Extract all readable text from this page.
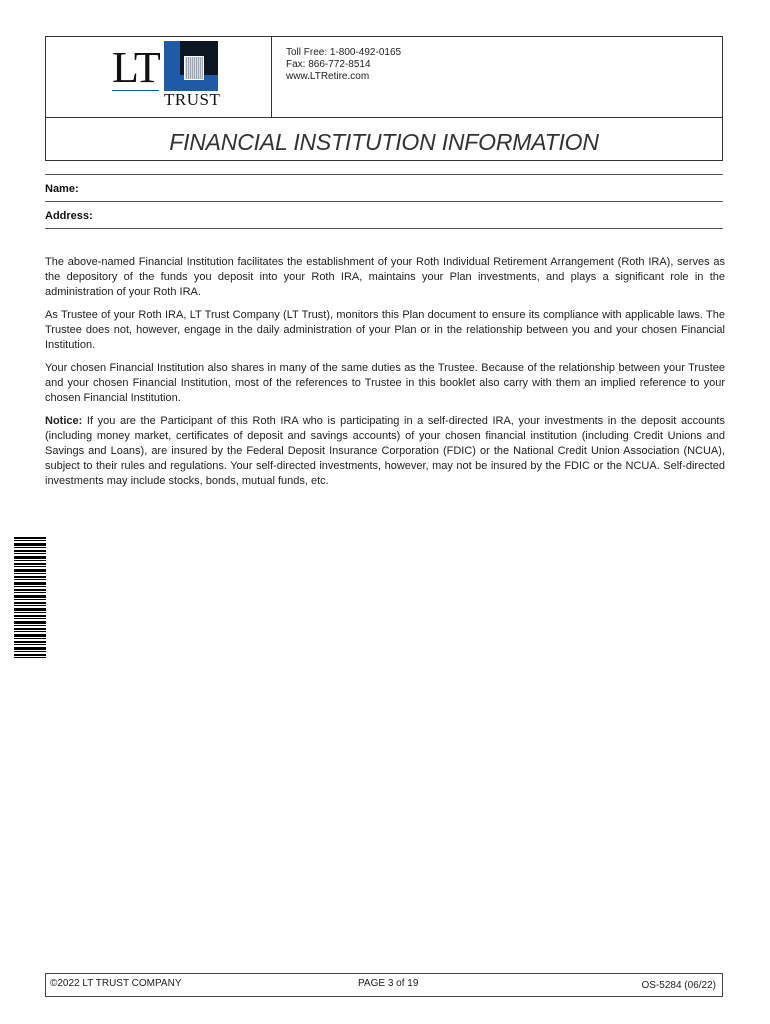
LT
TRUST
Toll Free: 1-800-492-0165
Fax: 866-772-8514
www.LTRetire.com
FINANCIAL INSTITUTION INFORMATION
Name:
Address:

The above-named Financial Institution facilitates the establishment of your Roth Individual Retirement Arrangement (Roth IRA), serves as the depository of the funds you deposit into your Roth IRA, maintains your Plan investments, and plays a significant role in the administration of your Roth IRA.

As Trustee of your Roth IRA, LT Trust Company (LT Trust), monitors this Plan document to ensure its compliance with applicable laws. The Trustee does not, however, engage in the daily administration of your Plan or in the relationship between you and your chosen Financial Institution.

Your chosen Financial Institution also shares in many of the same duties as the Trustee. Because of the relationship between your Trustee and your chosen Financial Institution, most of the references to Trustee in this booklet also carry with them an implied reference to your chosen Financial Institution.

Notice: If you are the Participant of this Roth IRA who is participating in a self-directed IRA, your investments in the deposit accounts (including money market, certificates of deposit and savings accounts) of your chosen financial institution (including Credit Unions and Savings and Loans), are insured by the Federal Deposit Insurance Corporation (FDIC) or the National Credit Union Association (NCUA), subject to their rules and regulations. Your self-directed investments, however, may not be insured by the FDIC or the NCUA. Self-directed investments may include stocks, bonds, mutual funds, etc.

©2022 LT TRUST COMPANY	PAGE 3 of 19	OS-5284 (06/22)
